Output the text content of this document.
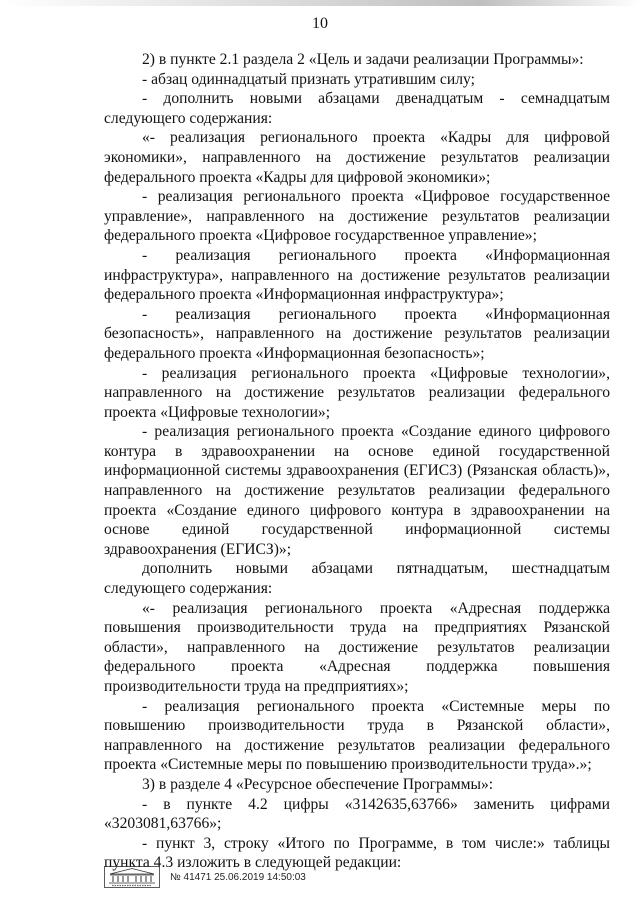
10

2) в пункте 2.1 раздела 2 «Цель и задачи реализации Программы»:

- абзац одиннадцатый признать утратившим силу;

- дополнить новыми абзацами двенадцатым - семнадцатым следующего содержания:

«- реализация регионального проекта «Кадры для цифровой экономики», направленного на достижение результатов реализации федерального проекта «Кадры для цифровой экономики»;

- реализация регионального проекта «Цифровое государственное управление», направленного на достижение результатов реализации федерального проекта «Цифровое государственное управление»;

- реализация регионального проекта «Информационная инфраструктура», направленного на достижение результатов реализации федерального проекта «Информационная инфраструктура»;

- реализация регионального проекта «Информационная безопасность», направленного на достижение результатов реализации федерального проекта «Информационная безопасность»;

- реализация регионального проекта «Цифровые технологии», направленного на достижение результатов реализации федерального проекта «Цифровые технологии»;

- реализация регионального проекта «Создание единого цифрового контура в здравоохранении на основе единой государственной информационной системы здравоохранения (ЕГИСЗ) (Рязанская область)», направленного на достижение результатов реализации федерального проекта «Создание единого цифрового контура в здравоохранении на основе единой государственной информационной системы здравоохранения (ЕГИСЗ)»;

дополнить новыми абзацами пятнадцатым, шестнадцатым следующего содержания:

«- реализация регионального проекта «Адресная поддержка повышения производительности труда на предприятиях Рязанской области», направленного на достижение результатов реализации федерального проекта «Адресная поддержка повышения производительности труда на предприятиях»;

- реализация регионального проекта «Системные меры по повышению производительности труда в Рязанской области», направленного на достижение результатов реализации федерального проекта «Системные меры по повышению производительности труда».»;

3) в разделе 4 «Ресурсное обеспечение Программы»:

- в пункте 4.2 цифры «3142635,63766» заменить цифрами «3203081,63766»;

- пункт 3, строку «Итого по Программе, в том числе:» таблицы пункта 4.3 изложить в следующей редакции:

№ 41471 25.06.2019 14:50:03
